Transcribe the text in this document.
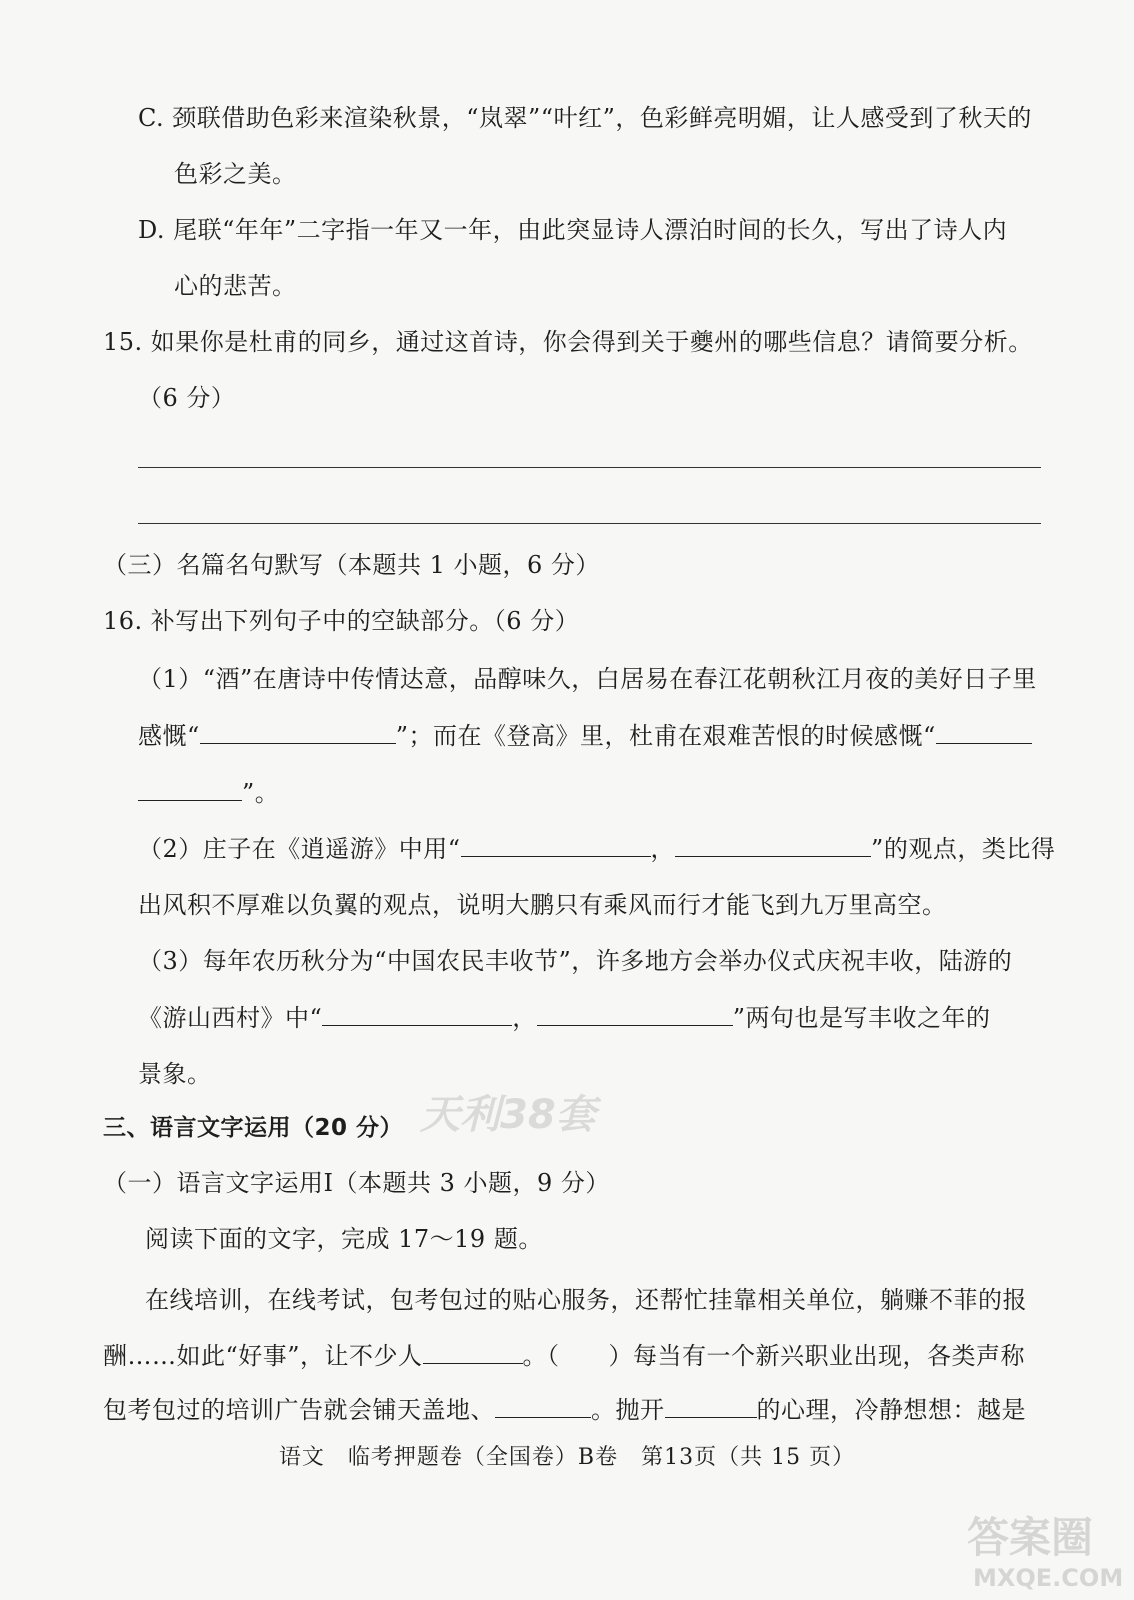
C. 颈联借助色彩来渲染秋景，“岚翠”“叶红”，色彩鲜亮明媚，让人感受到了秋天的
色彩之美。
D. 尾联“年年”二字指一年又一年，由此突显诗人漂泊时间的长久，写出了诗人内
心的悲苦。
15. 如果你是杜甫的同乡，通过这首诗，你会得到关于夔州的哪些信息？请简要分析。
（6 分）
（三）名篇名句默写（本题共 1 小题，6 分）
16. 补写出下列句子中的空缺部分。（6 分）
（1）“酒”在唐诗中传情达意，品醇味久，白居易在春江花朝秋江月夜的美好日子里
感慨“	”；而在《登高》里，杜甫在艰难苦恨的时候感慨“
”。
（2）庄子在《逍遥游》中用“	，	”的观点，类比得
出风积不厚难以负翼的观点，说明大鹏只有乘风而行才能飞到九万里高空。
（3）每年农历秋分为“中国农民丰收节”，许多地方会举办仪式庆祝丰收，陆游的
《游山西村》中“	，	”两句也是写丰收之年的
景象。
三、语言文字运用（20 分）
（一）语言文字运用Ⅰ（本题共 3 小题，9 分）
阅读下面的文字，完成 17～19 题。
在线培训，在线考试，包考包过的贴心服务，还帮忙挂靠相关单位，躺赚不菲的报
酬……如此“好事”，让不少人	。（　　）每当有一个新兴职业出现，各类声称
包考包过的培训广告就会铺天盖地、	。抛开	的心理，冷静想想：越是
语文　临考押题卷（全国卷）B卷　第13页（共 15 页）
天利38套
答案圈
MXQE.COM
